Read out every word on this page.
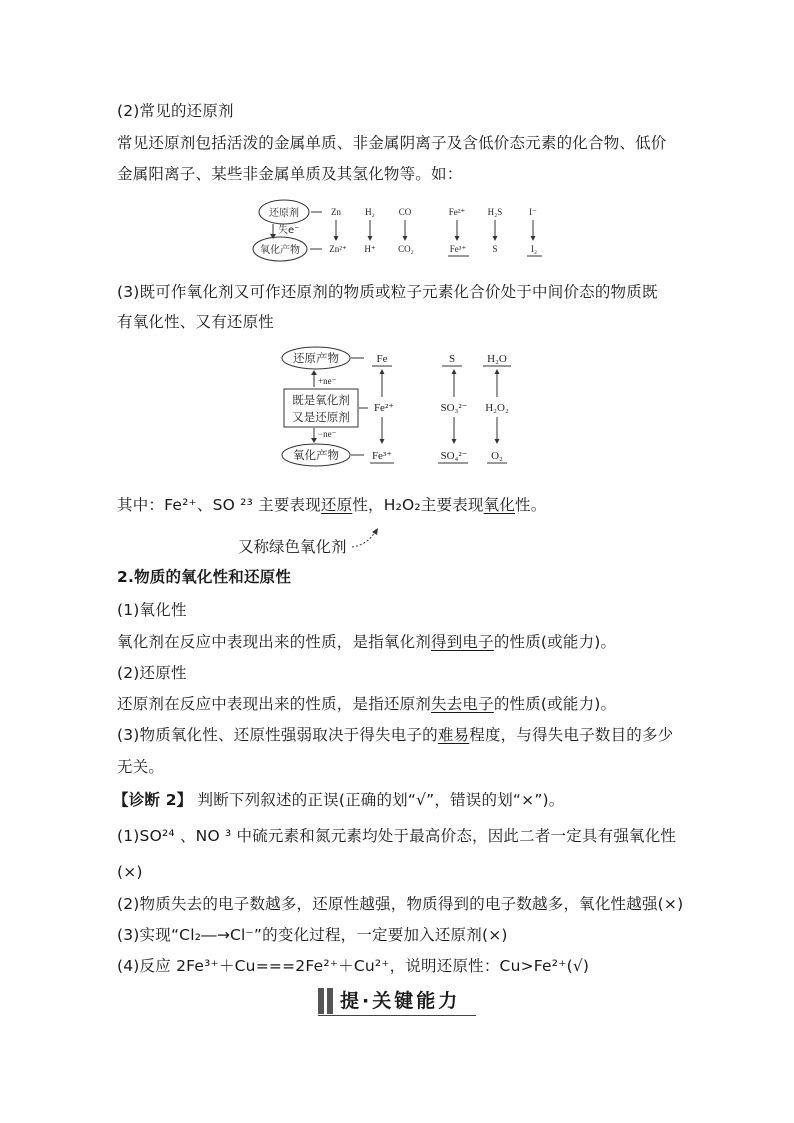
(2)常见的还原剂
常见还原剂包括活泼的金属单质、非金属阴离子及含低价态元素的化合物、低价
金属阳离子、某些非金属单质及其氢化物等。如：
还原剂
失e⁻
氧化产物
Zn
Zn²⁺
H₂
H⁺
CO
CO₂
Fe²⁺
Fe³⁺
H₂S
S
I⁻
I₂
(3)既可作氧化剂又可作还原剂的物质或粒子元素化合价处于中间价态的物质既
有氧化性、又有还原性
还原产物
+ne⁻
既是氧化剂
又是还原剂
−ne⁻
氧化产物
Fe
Fe²⁺
Fe³⁺
S
SO₃²⁻
SO₄²⁻
H₂O
H₂O₂
O₂
其中：Fe²⁺、SO ²³ 主要表现还原性，H₂O₂主要表现氧化性。
又称绿色氧化剂
2.物质的氧化性和还原性
(1)氧化性
氧化剂在反应中表现出来的性质，是指氧化剂得到电子的性质(或能力)。
(2)还原性
还原剂在反应中表现出来的性质，是指还原剂失去电子的性质(或能力)。
(3)物质氧化性、还原性强弱取决于得失电子的难易程度，与得失电子数目的多少
无关。
【诊断 2】 判断下列叙述的正误(正确的划“√”，错误的划“×”)。
(1)SO²⁴ 、NO ³ 中硫元素和氮元素均处于最高价态，因此二者一定具有强氧化性
(×)
(2)物质失去的电子数越多，还原性越强，物质得到的电子数越多，氧化性越强(×)
(3)实现“Cl₂―→Cl⁻”的变化过程，一定要加入还原剂(×)
(4)反应 2Fe³⁺＋Cu===2Fe²⁺＋Cu²⁺，说明还原性：Cu>Fe²⁺(√)
提·关键能力
